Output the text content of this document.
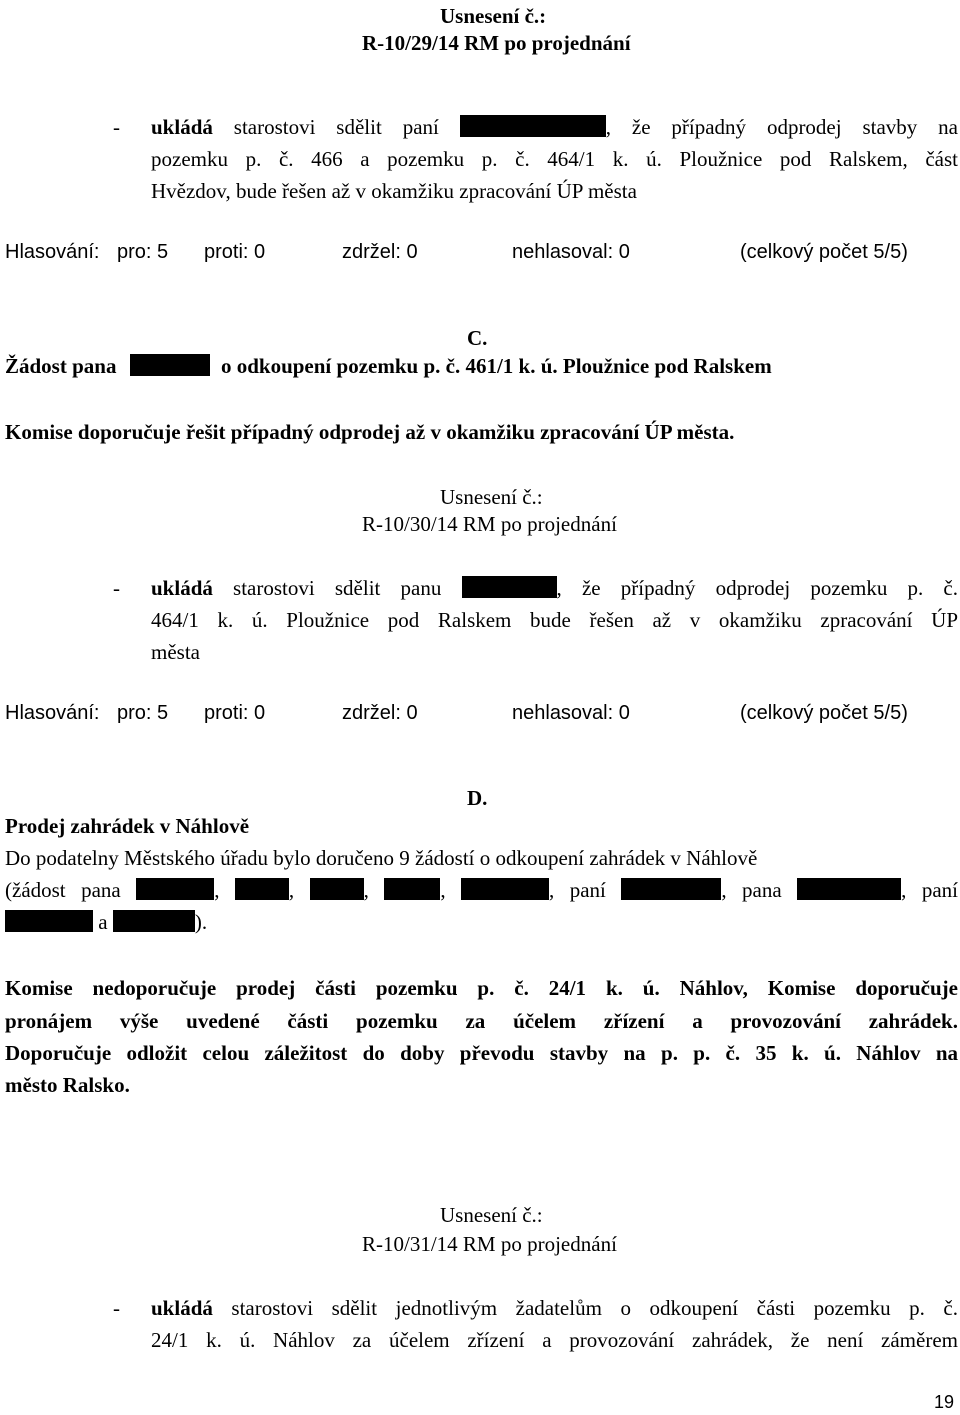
Usnesení č.:
R-10/29/14 RM po projednání
- ukládá starostovi sdělit paní	, že případný odprodej stavby na
pozemku p. č. 466 a pozemku p. č. 464/1 k. ú. Ploužnice pod Ralskem, část
Hvězdov, bude řešen až v okamžiku zpracování ÚP města
Hlasování: pro: 5 proti: 0	zdržel: 0	nehlasoval: 0	(celkový počet 5/5)
C.
Žádost pana	o odkoupení pozemku p. č. 461/1 k. ú. Ploužnice pod Ralskem
Komise doporučuje řešit případný odprodej až v okamžiku zpracování ÚP města.
Usnesení č.:
R-10/30/14 RM po projednání
- ukládá starostovi sdělit panu	, že případný odprodej pozemku p. č.
464/1 k. ú. Ploužnice pod Ralskem bude řešen až v okamžiku zpracování ÚP
města
Hlasování: pro: 5 proti: 0	zdržel: 0	nehlasoval: 0	(celkový počet 5/5)
D.
Prodej zahrádek v Náhlově
Do podatelny Městského úřadu bylo doručeno 9 žádostí o odkoupení zahrádek v Náhlově
(žádost pana	,	,	,	,	, paní	, pana	, paní
a	).
Komise nedoporučuje prodej části pozemku p. č. 24/1 k. ú. Náhlov, Komise doporučuje
pronájem výše uvedené části pozemku za účelem zřízení a provozování zahrádek.
Doporučuje odložit celou záležitost do doby převodu stavby na p. p. č. 35 k. ú. Náhlov na
město Ralsko.
Usnesení č.:
R-10/31/14 RM po projednání
- ukládá starostovi sdělit jednotlivým žadatelům o odkoupení části pozemku p. č.
24/1 k. ú. Náhlov za účelem zřízení a provozování zahrádek, že není záměrem
19
